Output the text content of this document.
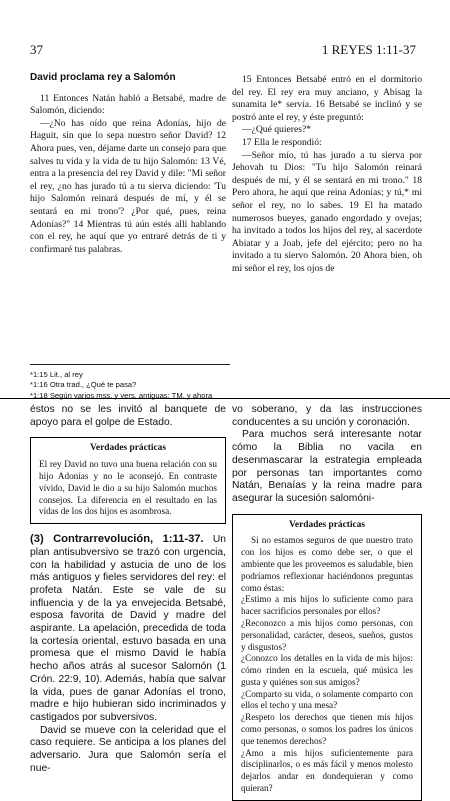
37	1 REYES 1:11-37
David proclama rey a Salomón

11 Entonces Natán habló a Betsabé, madre de Salomón, diciendo:

—¿No has oído que reina Adonías, hijo de Haguit, sin que lo sepa nuestro señor David? 12 Ahora pues, ven, déjame darte un consejo para que salves tu vida y la vida de tu hijo Salomón: 13 Vé, entra a la presencia del rey David y dile: "Mi señor el rey, ¿no has jurado tú a tu sierva diciendo: 'Tu hijo Salomón reinará después de mí, y él se sentará en mi trono'? ¿Por qué, pues, reina Adonías?" 14 Mientras tú aún estés allí hablando con el rey, he aquí que yo entraré detrás de ti y confirmaré tus palabras.

15 Entonces Betsabé entró en el dormitorio del rey. El rey era muy anciano, y Abisag la sunamita le* servía. 16 Betsabé se inclinó y se postró ante el rey, y éste preguntó:

—¿Qué quieres?*

17 Ella le respondió:

—Señor mío, tú has jurado a tu sierva por Jehovah tu Dios: "Tu hijo Salomón reinará después de mí, y él se sentará en mi trono." 18 Pero ahora, he aquí que reina Adonías; y tú,* mi señor el rey, no lo sabes. 19 El ha matado numerosos bueyes, ganado engordado y ovejas; ha invitado a todos los hijos del rey, al sacerdote Abiatar y a Joab, jefe del ejército; pero no ha invitado a tu siervo Salomón. 20 Ahora bien, oh mi señor el rey, los ojos de

*1:15 Lit., al rey
*1:16 Otra trad., ¿Qué te pasa?
*1:18 Según varios mss. y vers. antiguas; TM, y ahora

éstos no se les invitó al banquete de apoyo para el golpe de Estado.

Verdades prácticas
El rey David no tuvo una buena relación con su hijo Adonías y no le aconsejó. En contraste vívido, David le dio a su hijo Salomón muchos consejos. La diferencia en el resultado en las vidas de los dos hijos es asombrosa.

(3) Contrarrevolución, 1:11-37. Un plan antisubversivo se trazó con urgencia, con la habilidad y astucia de uno de los más antiguos y fieles servidores del rey: el profeta Natán. Este se vale de su influencia y de la ya envejecida Betsabé, esposa favorita de David y madre del aspirante. La apelación, precedida de toda la cortesía oriental, estuvo basada en una promesa que el mismo David le había hecho años atrás al sucesor Salomón (1 Crón. 22:9, 10). Además, había que salvar la vida, pues de ganar Adonías el trono, madre e hijo hubieran sido incriminados y castigados por subversivos.

David se mueve con la celeridad que el caso requiere. Se anticipa a los planes del adversario. Jura que Salomón sería el nue-

vo soberano, y da las instrucciones conducentes a su unción y coronación.

Para muchos será interesante notar cómo la Biblia no vacila en desenmascarar la estrategia empleada por personas tan importantes como Natán, Benaías y la reina madre para asegurar la sucesión salomóni-

Verdades prácticas

Si no estamos seguros de que nuestro trato con los hijos es como debe ser, o que el ambiente que les proveemos es saludable, bien podríamos reflexionar haciéndonos preguntas como éstas:

¿Estimo a mis hijos lo suficiente como para hacer sacrificios personales por ellos?

¿Reconozco a mis hijos como personas, con personalidad, carácter, deseos, sueños, gustos y disgustos?

¿Conozco los detalles en la vida de mis hijos: cómo rinden en la escuela, qué música les gusta y quiénes son sus amigos?

¿Comparto su vida, o solamente comparto con ellos el techo y una mesa?

¿Respeto los derechos que tienen mis hijos como personas, o somos los padres los únicos que tenemos derechos?

¿Amo a mis hijos suficientemente para disciplinarlos, o es más fácil y menos molesto dejarlos andar en dondequieran y como quieran?
